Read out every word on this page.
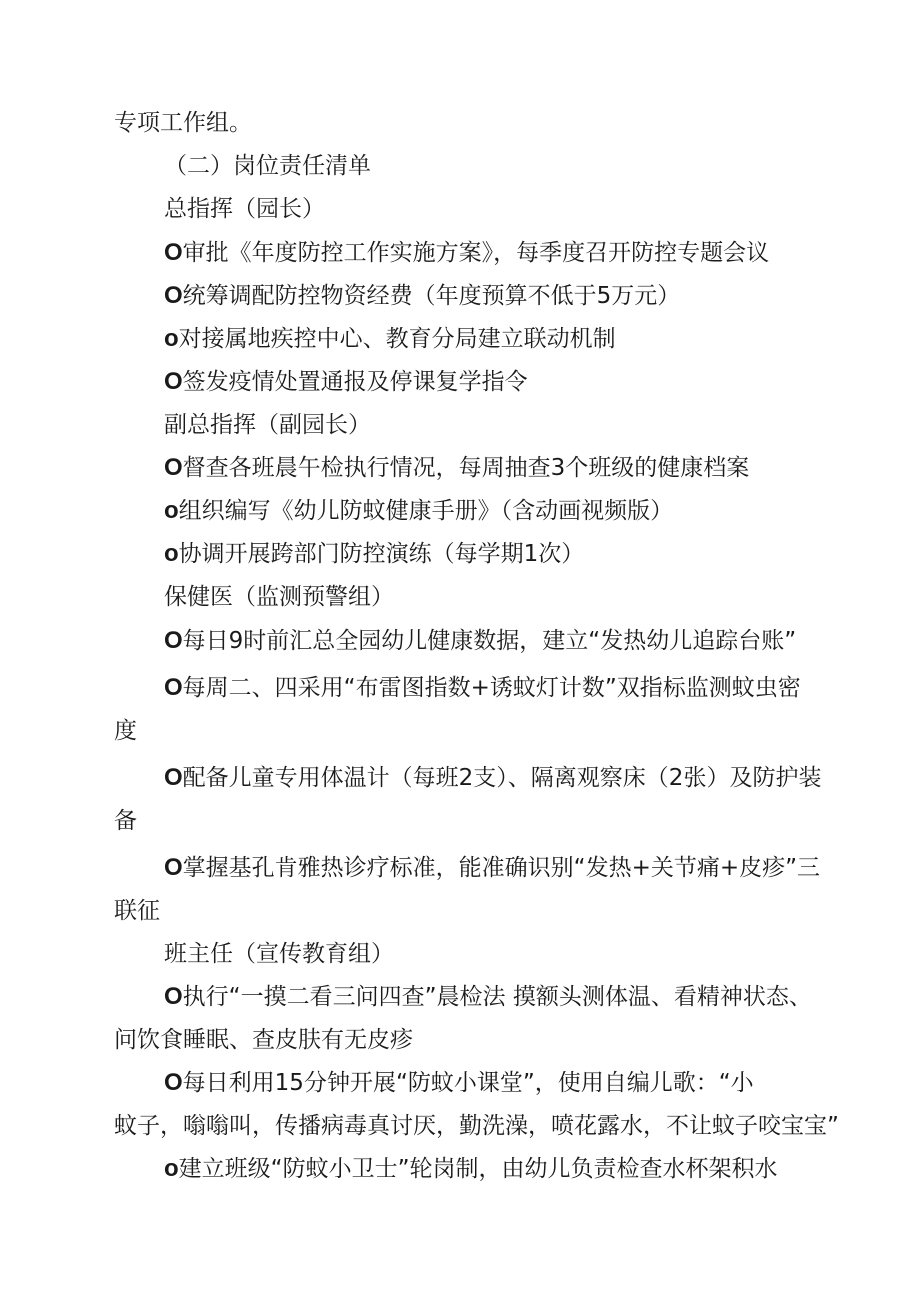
专项工作组。
（二）岗位责任清单
总指挥（园长）
O审批《年度防控工作实施方案》，每季度召开防控专题会议
O统筹调配防控物资经费（年度预算不低于5万元）
o对接属地疾控中心、教育分局建立联动机制
O签发疫情处置通报及停课复学指令
副总指挥（副园长）
O督查各班晨午检执行情况，每周抽查3个班级的健康档案
o组织编写《幼儿防蚊健康手册》（含动画视频版）
o协调开展跨部门防控演练（每学期1次）
保健医（监测预警组）
O每日9时前汇总全园幼儿健康数据，建立“发热幼儿追踪台账”
O每周二、四采用“布雷图指数+诱蚊灯计数”双指标监测蚊虫密
度
O配备儿童专用体温计（每班2支）、隔离观察床（2张）及防护装
备
O掌握基孔肯雅热诊疗标准，能准确识别“发热+关节痛+皮疹”三
联征
班主任（宣传教育组）
O执行“一摸二看三问四查”晨检法 摸额头测体温、看精神状态、
问饮食睡眠、查皮肤有无皮疹
O每日利用15分钟开展“防蚊小课堂”，使用自编儿歌：“小
蚊子，嗡嗡叫，传播病毒真讨厌，勤洗澡，喷花露水，不让蚊子咬宝宝”
o建立班级“防蚊小卫士”轮岗制，由幼儿负责检查水杯架积水
